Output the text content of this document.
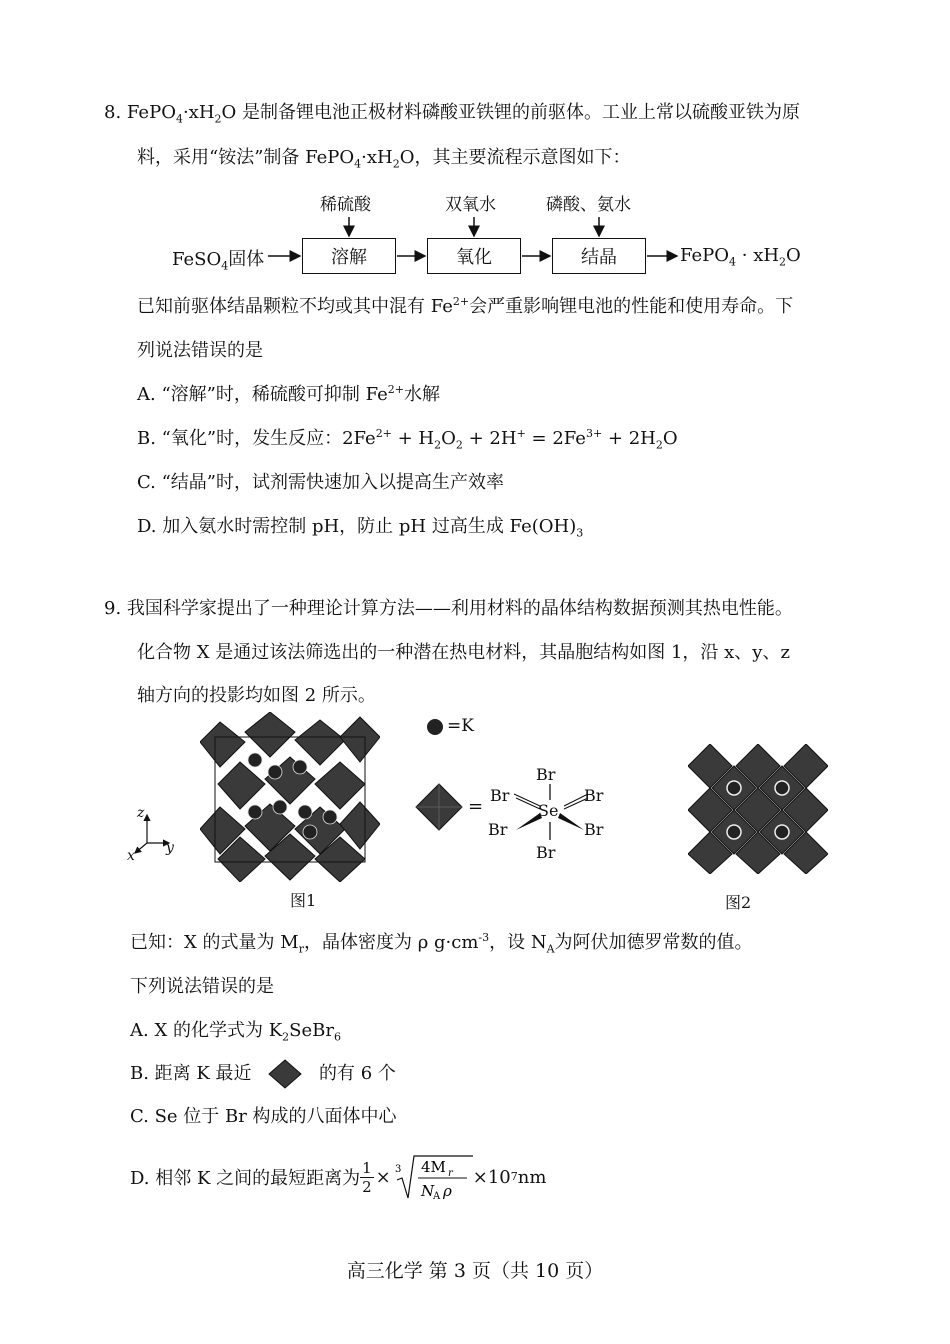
8. $FePO_4\cdot xH_2O$ 是制备锂电池正极材料磷酸亚铁锂的前驱体。工业上常以硫酸亚铁为原
料，采用“铵法”制备 $FePO_4\cdot xH_2O$，其主要流程示意图如下：
稀硫酸	双氧水	磷酸、氨水
FeSO$_4$固体	溶解	氧化	结晶	FePO$_4$ · $xH_2O$
已知前驱体结晶颗粒不均或其中混有 $Fe^{2+}$会严重影响锂电池的性能和使用寿命。下
列说法错误的是
A. “溶解”时，稀硫酸可抑制 $Fe^{2+}$水解
B. “氧化”时，发生反应：$2Fe^{2+} + H_2O_2 + 2H^+ = 2Fe^{3+} + 2H_2O$
C. “结晶”时，试剂需快速加入以提高生产效率
D. 加入氨水时需控制 pH，防止 pH 过高生成 $Fe(OH)_3$
9. 我国科学家提出了一种理论计算方法——利用材料的晶体结构数据预测其热电性能。
化合物 X 是通过该法筛选出的一种潜在热电材料，其晶胞结构如图 1，沿 x、y、z
轴方向的投影均如图 2 所示。
z
y
x
=K
=
Br
Br	Br
Se
Br	Br
Br
图1	图2
已知：X 的式量为 $M_r$，晶体密度为 ρ $g\cdot cm^{-3}$，设 $N_A$为阿伏加德罗常数的值。
下列说法错误的是
A. X 的化学式为 $K_2SeBr_6$
B. 距离 K 最近	的有 6 个
C. Se 位于 Br 构成的八面体中心
D. 相邻 K 之间的最短距离为 $\frac{1}{2} \times 3$ 4M r
N
A ρ
×10 7 nm
高三化学 第 3 页（共 10 页）
